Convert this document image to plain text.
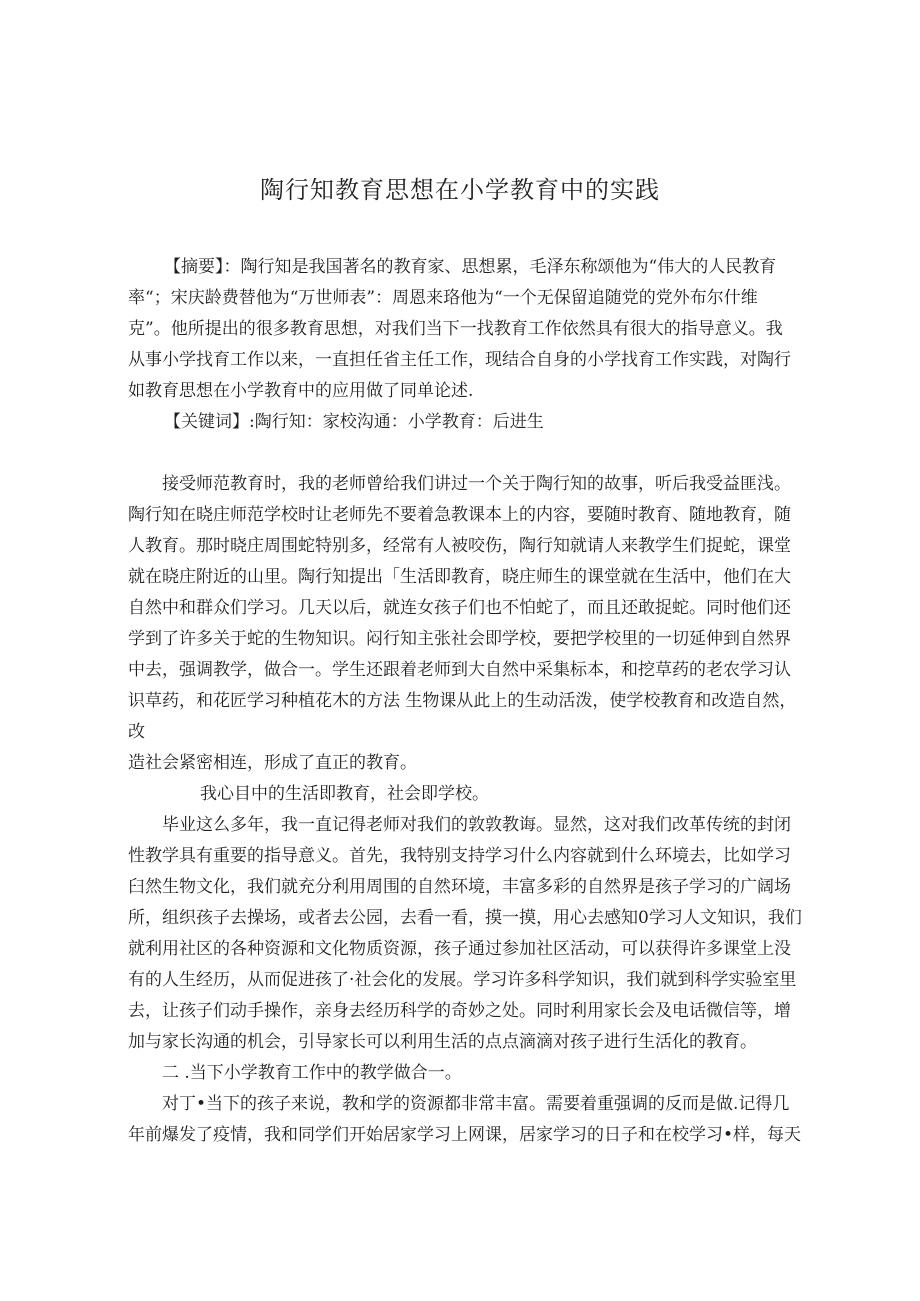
陶行知教育思想在小学教育中的实践
【摘要】：陶行知是我国著名的教育家、思想累，毛泽东称颂他为“伟大的人民教育
率“；宋庆龄费替他为“万世师表”：周恩来珞他为“一个无保留追随党的党外布尔什维
克”。他所提出的很多教育思想，对我们当下一找教育工作依然具有很大的指导意义。我
从事小学找育工作以来，一直担任省主任工作，现结合自身的小学找育工作实践，对陶行
如教育思想在小学教育中的应用做了同单论述.
【关键词】:陶行知：家校沟通：小学教育：后进生
接受师范教育时，我的老师曾给我们讲过一个关于陶行知的故事，听后我受益匪浅。
陶行知在晓庄师范学校时让老师先不要着急教课本上的内容，要随时教育、随地教育，随
人教育。那时晓庄周围蛇特别多，经常有人被咬伤，陶行知就请人来教学生们捉蛇，课堂
就在晓庄附近的山里。陶行知提出「生活即教育，晓庄师生的课堂就在生活中，他们在大
自然中和群众们学习。几天以后，就连女孩子们也不怕蛇了，而且还敢捉蛇。同时他们还
学到了许多关于蛇的生物知识。闷行知主张社会即学校，要把学校里的一切延伸到自然界
中去，强调教学，做合一。学生还跟着老师到大自然中采集标本，和挖草药的老农学习认
识草药，和花匠学习种植花木的方法 生物课从此上的生动活泼，使学校教育和改造自然，
改
造社会紧密相连，形成了直正的教育。
我心目中的生活即教育，社会即学校。
毕业这么多年，我一直记得老师对我们的敦敦教诲。显然，这对我们改革传统的封闭
性教学具有重要的指导意义。首先，我特别支持学习什么内容就到什么环境去，比如学习
臼然生物文化，我们就充分利用周围的自然环境，丰富多彩的自然界是孩子学习的广阔场
所，组织孩子去操场，或者去公园，去看一看，摸一摸，用心去感知0学习人文知识，我们
就利用社区的各种资源和文化物质资源，孩子通过参加社区活动，可以获得许多课堂上没
有的人生经历，从而促进孩了·社会化的发展。学习许多科学知识，我们就到科学实验室里
去，让孩子们动手操作，亲身去经历科学的奇妙之处。同时利用家长会及电话微信等，增
加与家长沟通的机会，引导家长可以利用生活的点点滴滴对孩子进行生活化的教育。
二 .当下小学教育工作中的教学做合一。
对丁•当下的孩子来说，教和学的资源都非常丰富。需要着重强调的反而是做.记得几
年前爆发了疫情，我和同学们开始居家学习上网课，居家学习的日子和在校学习•样，每天
